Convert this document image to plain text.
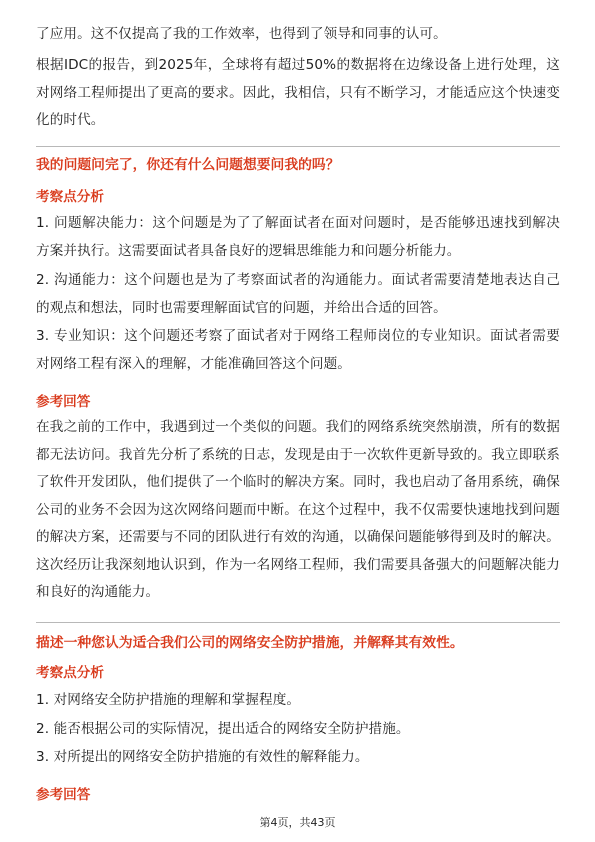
了应用。这不仅提高了我的工作效率，也得到了领导和同事的认可。

根据IDC的报告，到2025年，全球将有超过50%的数据将在边缘设备上进行处理，这对网络工程师提出了更高的要求。因此，我相信，只有不断学习，才能适应这个快速变化的时代。

我的问题问完了，你还有什么问题想要问我的吗？

考察点分析

1. 问题解决能力：这个问题是为了了解面试者在面对问题时，是否能够迅速找到解决方案并执行。这需要面试者具备良好的逻辑思维能力和问题分析能力。

2. 沟通能力：这个问题也是为了考察面试者的沟通能力。面试者需要清楚地表达自己的观点和想法，同时也需要理解面试官的问题，并给出合适的回答。

3. 专业知识：这个问题还考察了面试者对于网络工程师岗位的专业知识。面试者需要对网络工程有深入的理解，才能准确回答这个问题。

参考回答

在我之前的工作中，我遇到过一个类似的问题。我们的网络系统突然崩溃，所有的数据都无法访问。我首先分析了系统的日志，发现是由于一次软件更新导致的。我立即联系了软件开发团队，他们提供了一个临时的解决方案。同时，我也启动了备用系统，确保公司的业务不会因为这次网络问题而中断。在这个过程中，我不仅需要快速地找到问题的解决方案，还需要与不同的团队进行有效的沟通，以确保问题能够得到及时的解决。这次经历让我深刻地认识到，作为一名网络工程师，我们需要具备强大的问题解决能力和良好的沟通能力。

描述一种您认为适合我们公司的网络安全防护措施，并解释其有效性。

考察点分析

1. 对网络安全防护措施的理解和掌握程度。

2. 能否根据公司的实际情况，提出适合的网络安全防护措施。

3. 对所提出的网络安全防护措施的有效性的解释能力。

参考回答

第4页，共43页
